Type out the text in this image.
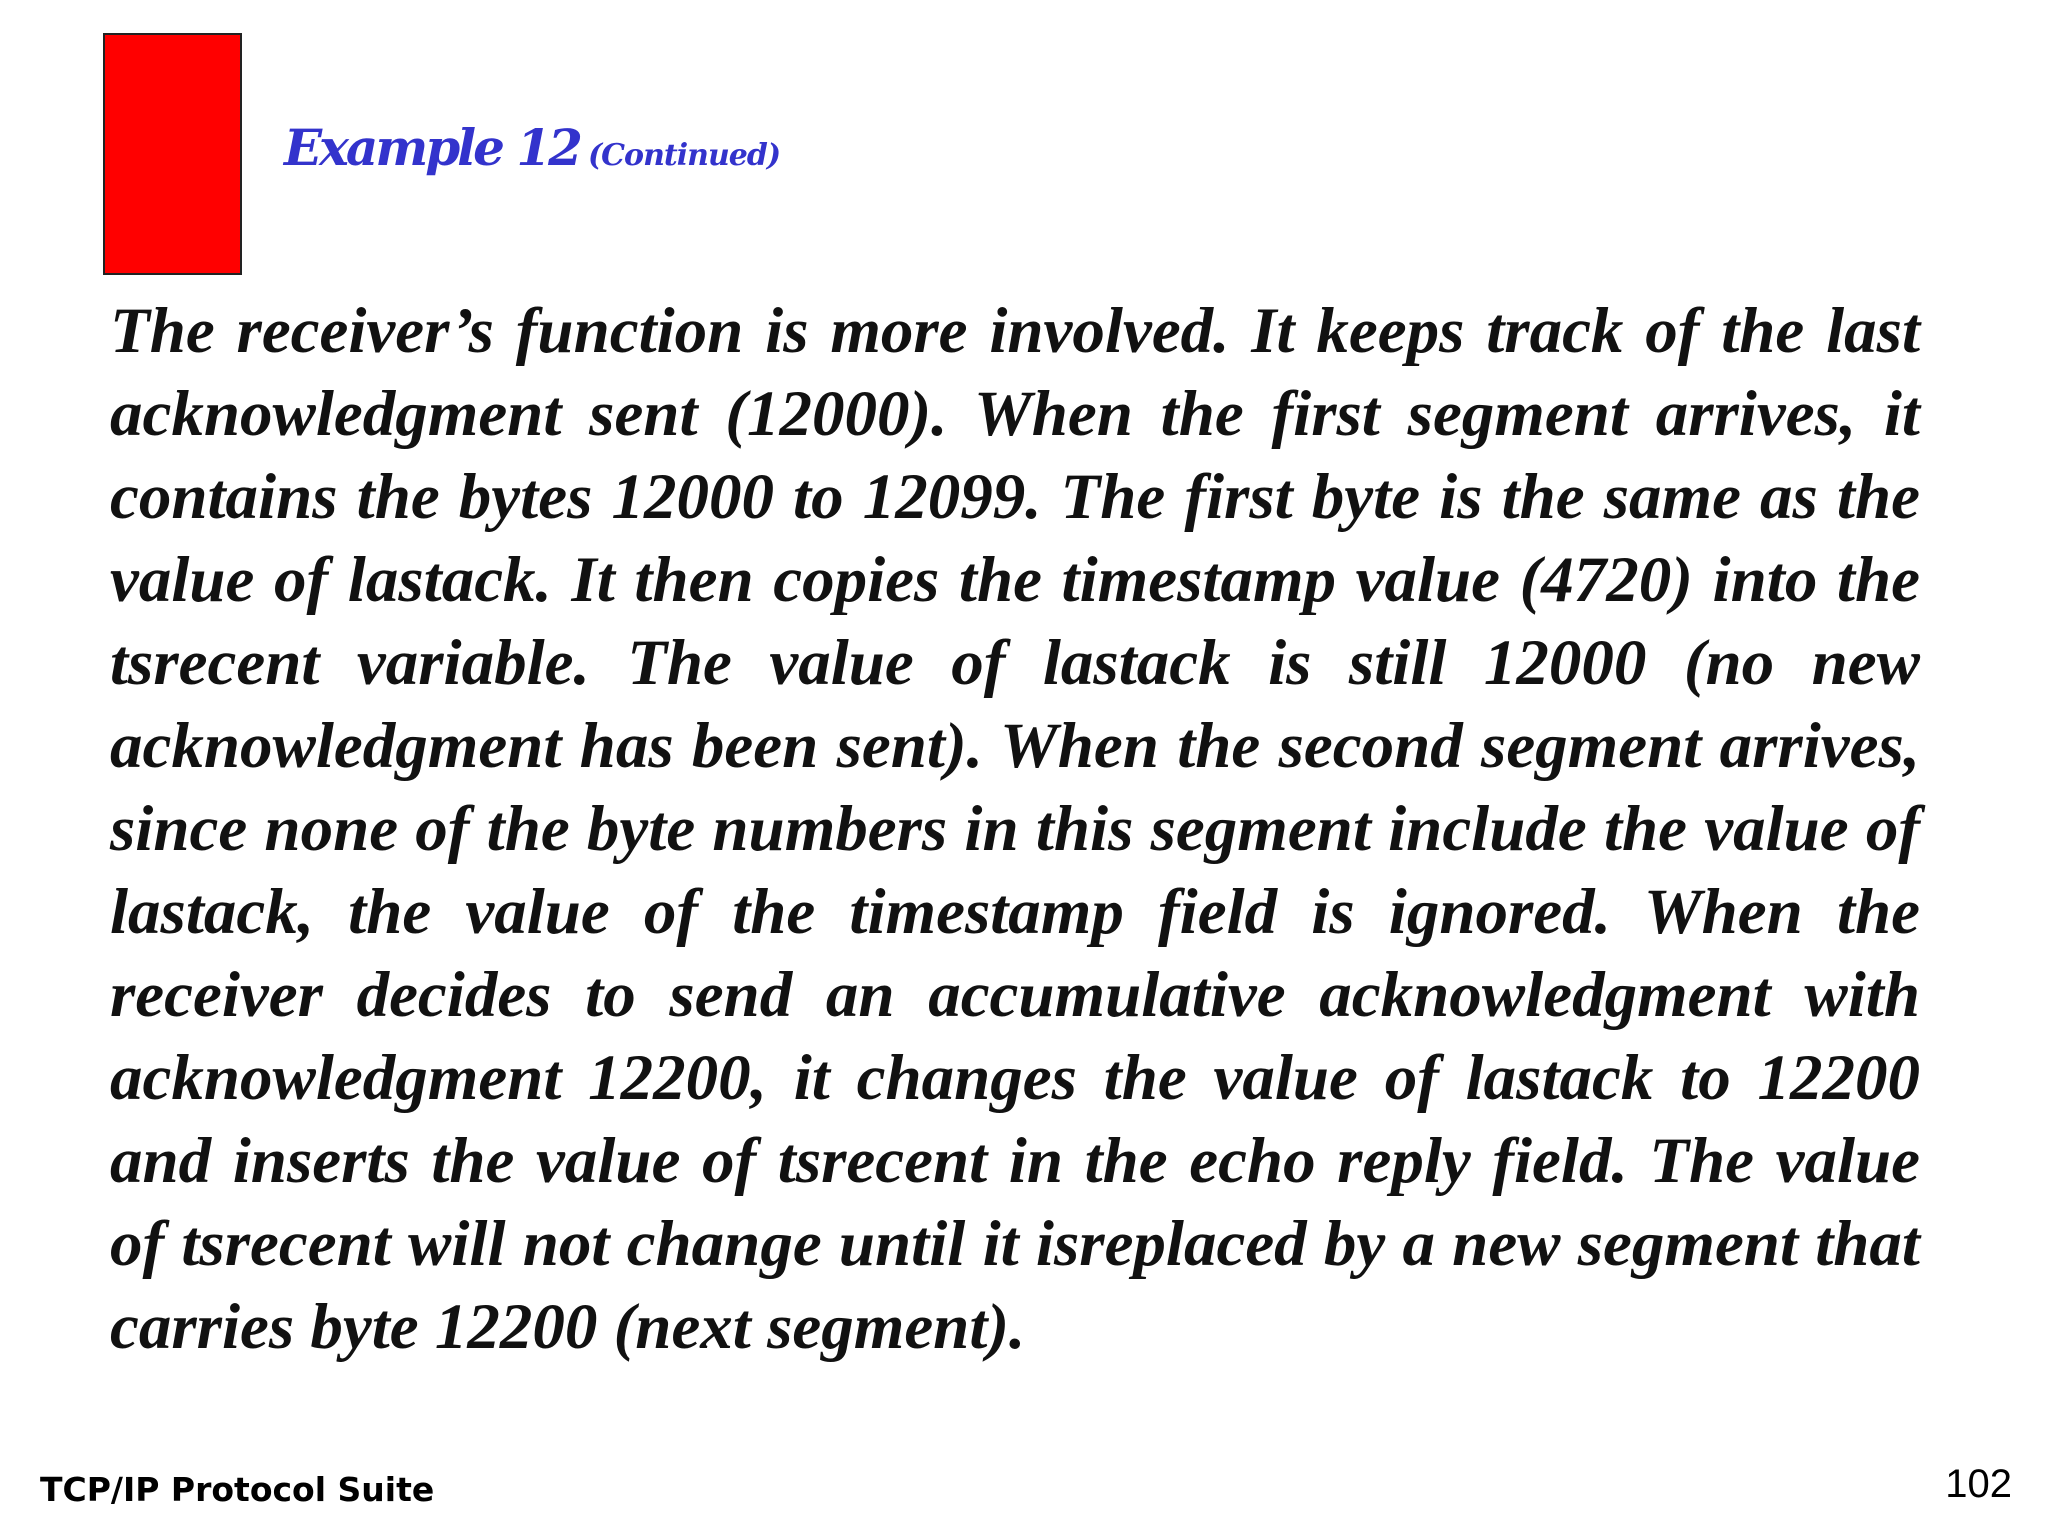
Example 12 (Continued)

The receiver’s function is more involved. It keeps track of the last acknowledgment sent (12000). When the first segment arrives, it contains the bytes 12000 to 12099. The first byte is the same as the value of lastack. It then copies the timestamp value (4720) into the tsrecent variable. The value of lastack is still 12000 (no new acknowledgment has been sent). When the second segment arrives, since none of the byte numbers in this segment include the value of lastack, the value of the timestamp field is ignored. When the receiver decides to send an accumulative acknowledgment with acknowledgment 12200, it changes the value of lastack to 12200 and inserts the value of tsrecent in the echo reply field. The value of tsrecent will not change until it isreplaced by a new segment that carries byte 12200 (next segment).

TCP/IP Protocol Suite	102
